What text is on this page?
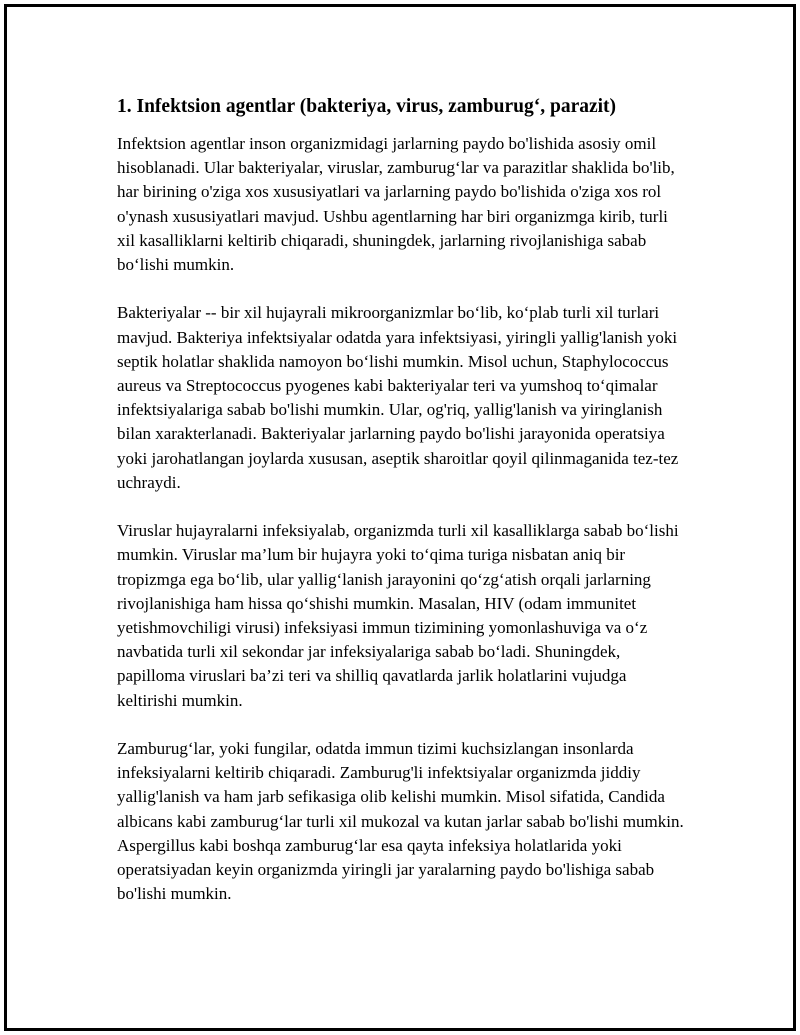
1. Infektsion agentlar (bakteriya, virus, zamburug‘, parazit)

Infektsion agentlar inson organizmidagi jarlarning paydo bo'lishida asosiy omil hisoblanadi. Ular bakteriyalar, viruslar, zamburug‘lar va parazitlar shaklida bo'lib, har birining o'ziga xos xususiyatlari va jarlarning paydo bo'lishida o'ziga xos rol o'ynash xususiyatlari mavjud. Ushbu agentlarning har biri organizmga kirib, turli xil kasalliklarni keltirib chiqaradi, shuningdek, jarlarning rivojlanishiga sabab bo‘lishi mumkin.

Bakteriyalar -- bir xil hujayrali mikroorganizmlar bo‘lib, ko‘plab turli xil turlari mavjud. Bakteriya infektsiyalar odatda yara infektsiyasi, yiringli yallig'lanish yoki septik holatlar shaklida namoyon bo‘lishi mumkin. Misol uchun, Staphylococcus aureus va Streptococcus pyogenes kabi bakteriyalar teri va yumshoq to‘qimalar infektsiyalariga sabab bo'lishi mumkin. Ular, og'riq, yallig'lanish va yiringlanish bilan xarakterlanadi. Bakteriyalar jarlarning paydo bo'lishi jarayonida operatsiya yoki jarohatlangan joylarda xususan, aseptik sharoitlar qoyil qilinmaganida tez-tez uchraydi.

Viruslar hujayralarni infeksiyalab, organizmda turli xil kasalliklarga sabab bo‘lishi mumkin. Viruslar ma’lum bir hujayra yoki to‘qima turiga nisbatan aniq bir tropizmga ega bo‘lib, ular yallig‘lanish jarayonini qo‘zg‘atish orqali jarlarning rivojlanishiga ham hissa qo‘shishi mumkin. Masalan, HIV (odam immunitet yetishmovchiligi virusi) infeksiyasi immun tizimining yomonlashuviga va o‘z navbatida turli xil sekondar jar infeksiyalariga sabab bo‘ladi. Shuningdek, papilloma viruslari ba’zi teri va shilliq qavatlarda jarlik holatlarini vujudga keltirishi mumkin.

Zamburug‘lar, yoki fungilar, odatda immun tizimi kuchsizlangan insonlarda infeksiyalarni keltirib chiqaradi. Zamburug'li infektsiyalar organizmda jiddiy yallig'lanish va ham jarb sefikasiga olib kelishi mumkin. Misol sifatida, Candida albicans kabi zamburug‘lar turli xil mukozal va kutan jarlar sabab bo'lishi mumkin. Aspergillus kabi boshqa zamburug‘lar esa qayta infeksiya holatlarida yoki operatsiyadan keyin organizmda yiringli jar yaralarning paydo bo'lishiga sabab bo'lishi mumkin.
